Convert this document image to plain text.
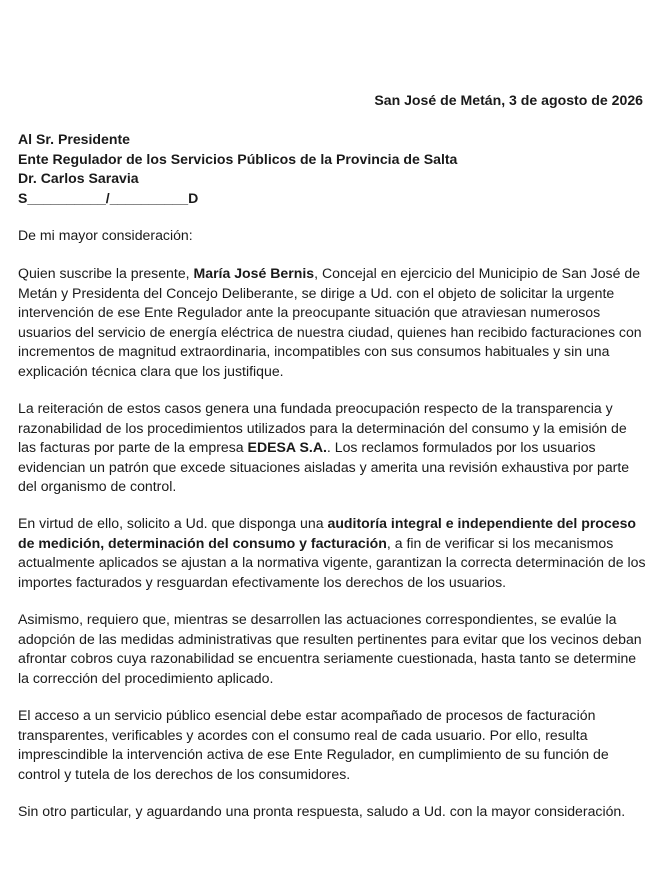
San José de Metán, 3 de agosto de 2026
Al Sr. Presidente
Ente Regulador de los Servicios Públicos de la Provincia de Salta
Dr. Carlos Saravia
S__________/__________D
De mi mayor consideración:

Quien suscribe la presente, María José Bernis, Concejal en ejercicio del Municipio de San José de Metán y Presidenta del Concejo Deliberante, se dirige a Ud. con el objeto de solicitar la urgente intervención de ese Ente Regulador ante la preocupante situación que atraviesan numerosos usuarios del servicio de energía eléctrica de nuestra ciudad, quienes han recibido facturaciones con incrementos de magnitud extraordinaria, incompatibles con sus consumos habituales y sin una explicación técnica clara que los justifique.

La reiteración de estos casos genera una fundada preocupación respecto de la transparencia y razonabilidad de los procedimientos utilizados para la determinación del consumo y la emisión de las facturas por parte de la empresa EDESA S.A.. Los reclamos formulados por los usuarios evidencian un patrón que excede situaciones aisladas y amerita una revisión exhaustiva por parte del organismo de control.

En virtud de ello, solicito a Ud. que disponga una auditoría integral e independiente del proceso de medición, determinación del consumo y facturación, a fin de verificar si los mecanismos actualmente aplicados se ajustan a la normativa vigente, garantizan la correcta determinación de los importes facturados y resguardan efectivamente los derechos de los usuarios.

Asimismo, requiero que, mientras se desarrollen las actuaciones correspondientes, se evalúe la adopción de las medidas administrativas que resulten pertinentes para evitar que los vecinos deban afrontar cobros cuya razonabilidad se encuentra seriamente cuestionada, hasta tanto se determine la corrección del procedimiento aplicado.

El acceso a un servicio público esencial debe estar acompañado de procesos de facturación transparentes, verificables y acordes con el consumo real de cada usuario. Por ello, resulta imprescindible la intervención activa de ese Ente Regulador, en cumplimiento de su función de control y tutela de los derechos de los consumidores.

Sin otro particular, y aguardando una pronta respuesta, saludo a Ud. con la mayor consideración.
